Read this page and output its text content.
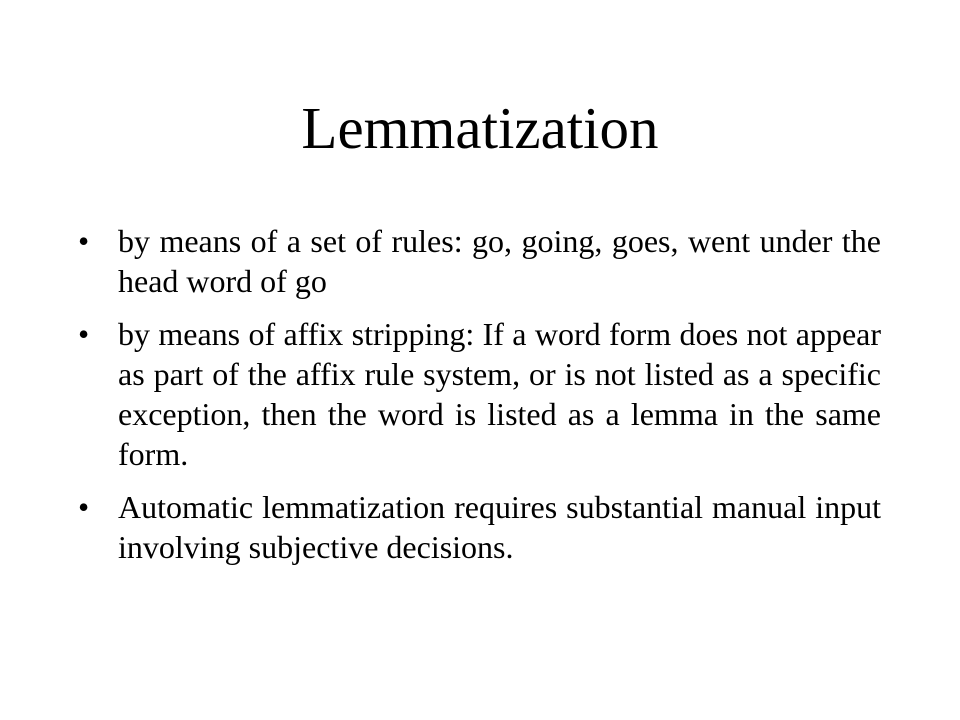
Lemmatization
• by means of a set of rules: go, going, goes, went under the head word of go
• by means of affix stripping: If a word form does not appear as part of the affix rule system, or is not listed as a specific exception, then the word is listed as a lemma in the same form.
• Automatic lemmatization requires substantial manual input involving subjective decisions.
